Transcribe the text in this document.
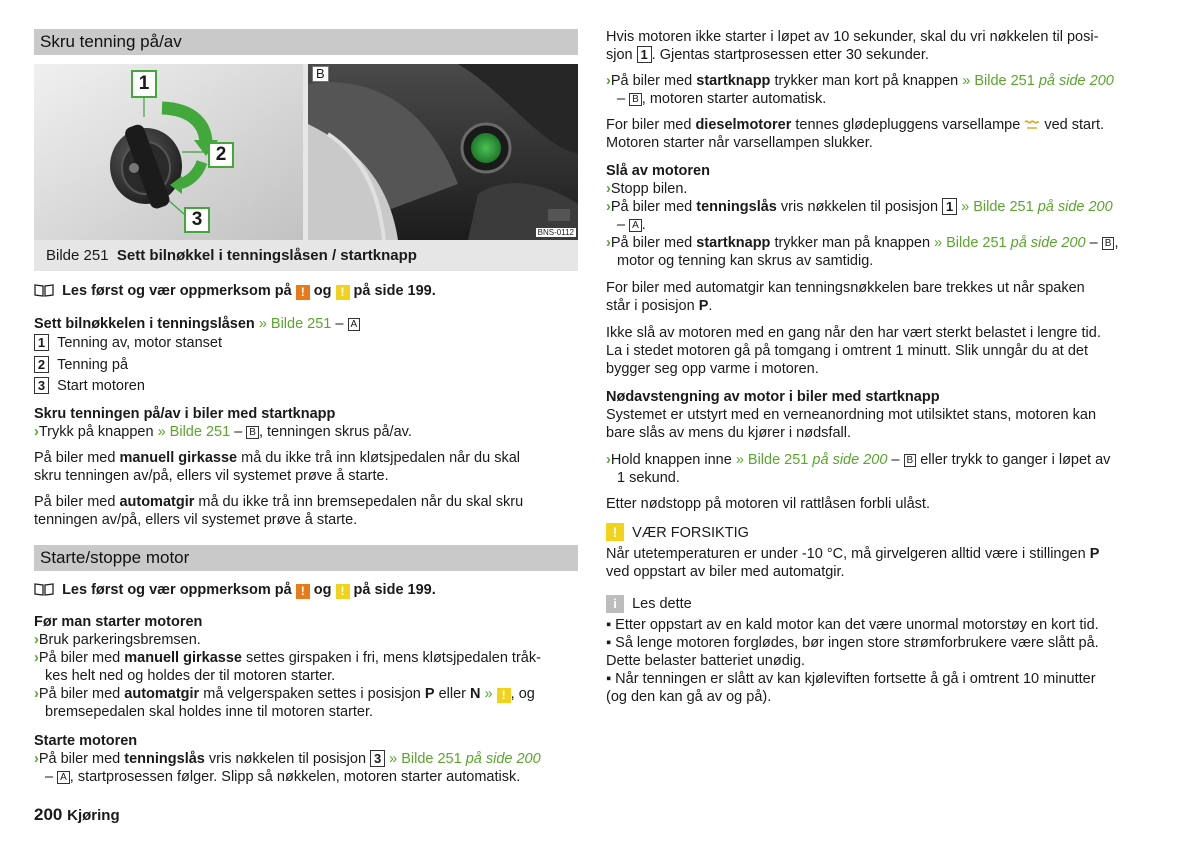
Skru tenning på/av
1
2
3
B
BNS-0112
Bilde 251 Sett bilnøkkel i tenningslåsen / startknapp
Les først og vær oppmerksom på ! og ! på side 199.
Sett bilnøkkelen i tenningslåsen » Bilde 251 – A
1 Tenning av, motor stanset
2 Tenning på
3 Start motoren
Skru tenningen på/av i biler med startknapp
›Trykk på knappen » Bilde 251 – B , tenningen skrus på/av.
På biler med manuell girkasse må du ikke trå inn kløtsjpedalen når du skal
skru tenningen av/på, ellers vil systemet prøve å starte.
På biler med automatgir må du ikke trå inn bremsepedalen når du skal skru
tenningen av/på, ellers vil systemet prøve å starte.
Starte/stoppe motor
Les først og vær oppmerksom på ! og ! på side 199.
Før man starter motoren
›Bruk parkeringsbremsen.
›På biler med manuell girkasse settes girspaken i fri, mens kløtsjpedalen tråk-
kes helt ned og holdes der til motoren starter.
›På biler med automatgir må velgerspaken settes i posisjon P eller N » ! , og
bremsepedalen skal holdes inne til motoren starter.
Starte motoren
›På biler med tenningslås vris nøkkelen til posisjon 3 » Bilde 251 på side 200
– A , startprosessen følger. Slipp så nøkkelen, motoren starter automatisk.
200 Kjøring
Hvis motoren ikke starter i løpet av 10 sekunder, skal du vri nøkkelen til posi-
sjon 1 . Gjentas startprosessen etter 30 sekunder.
›På biler med startknapp trykker man kort på knappen » Bilde 251 på side 200
– B , motoren starter automatisk.
For biler med dieselmotorer tennes glødepluggens varsellampe ved start.
Motoren starter når varsellampen slukker.
Slå av motoren
›Stopp bilen.
›På biler med tenningslås vris nøkkelen til posisjon 1 » Bilde 251 på side 200
– A .
›På biler med startknapp trykker man på knappen » Bilde 251 på side 200 – B ,
motor og tenning kan skrus av samtidig.
For biler med automatgir kan tenningsnøkkelen bare trekkes ut når spaken
står i posisjon P.
Ikke slå av motoren med en gang når den har vært sterkt belastet i lengre tid.
La i stedet motoren gå på tomgang i omtrent 1 minutt. Slik unngår du at det
bygger seg opp varme i motoren.
Nødavstengning av motor i biler med startknapp
Systemet er utstyrt med en verneanordning mot utilsiktet stans, motoren kan
bare slås av mens du kjører i nødsfall.
›Hold knappen inne » Bilde 251 på side 200 – B eller trykk to ganger i løpet av
1 sekund.
Etter nødstopp på motoren vil rattlåsen forbli ulåst.
! VÆR FORSIKTIG
Når utetemperaturen er under -10 °C, må girvelgeren alltid være i stillingen P
ved oppstart av biler med automatgir.
i Les dette
▪ Etter oppstart av en kald motor kan det være unormal motorstøy en kort tid.
▪ Så lenge motoren forglødes, bør ingen store strømforbrukere være slått på.
Dette belaster batteriet unødig.
▪ Når tenningen er slått av kan kjøleviften fortsette å gå i omtrent 10 minutter
(og den kan gå av og på).
